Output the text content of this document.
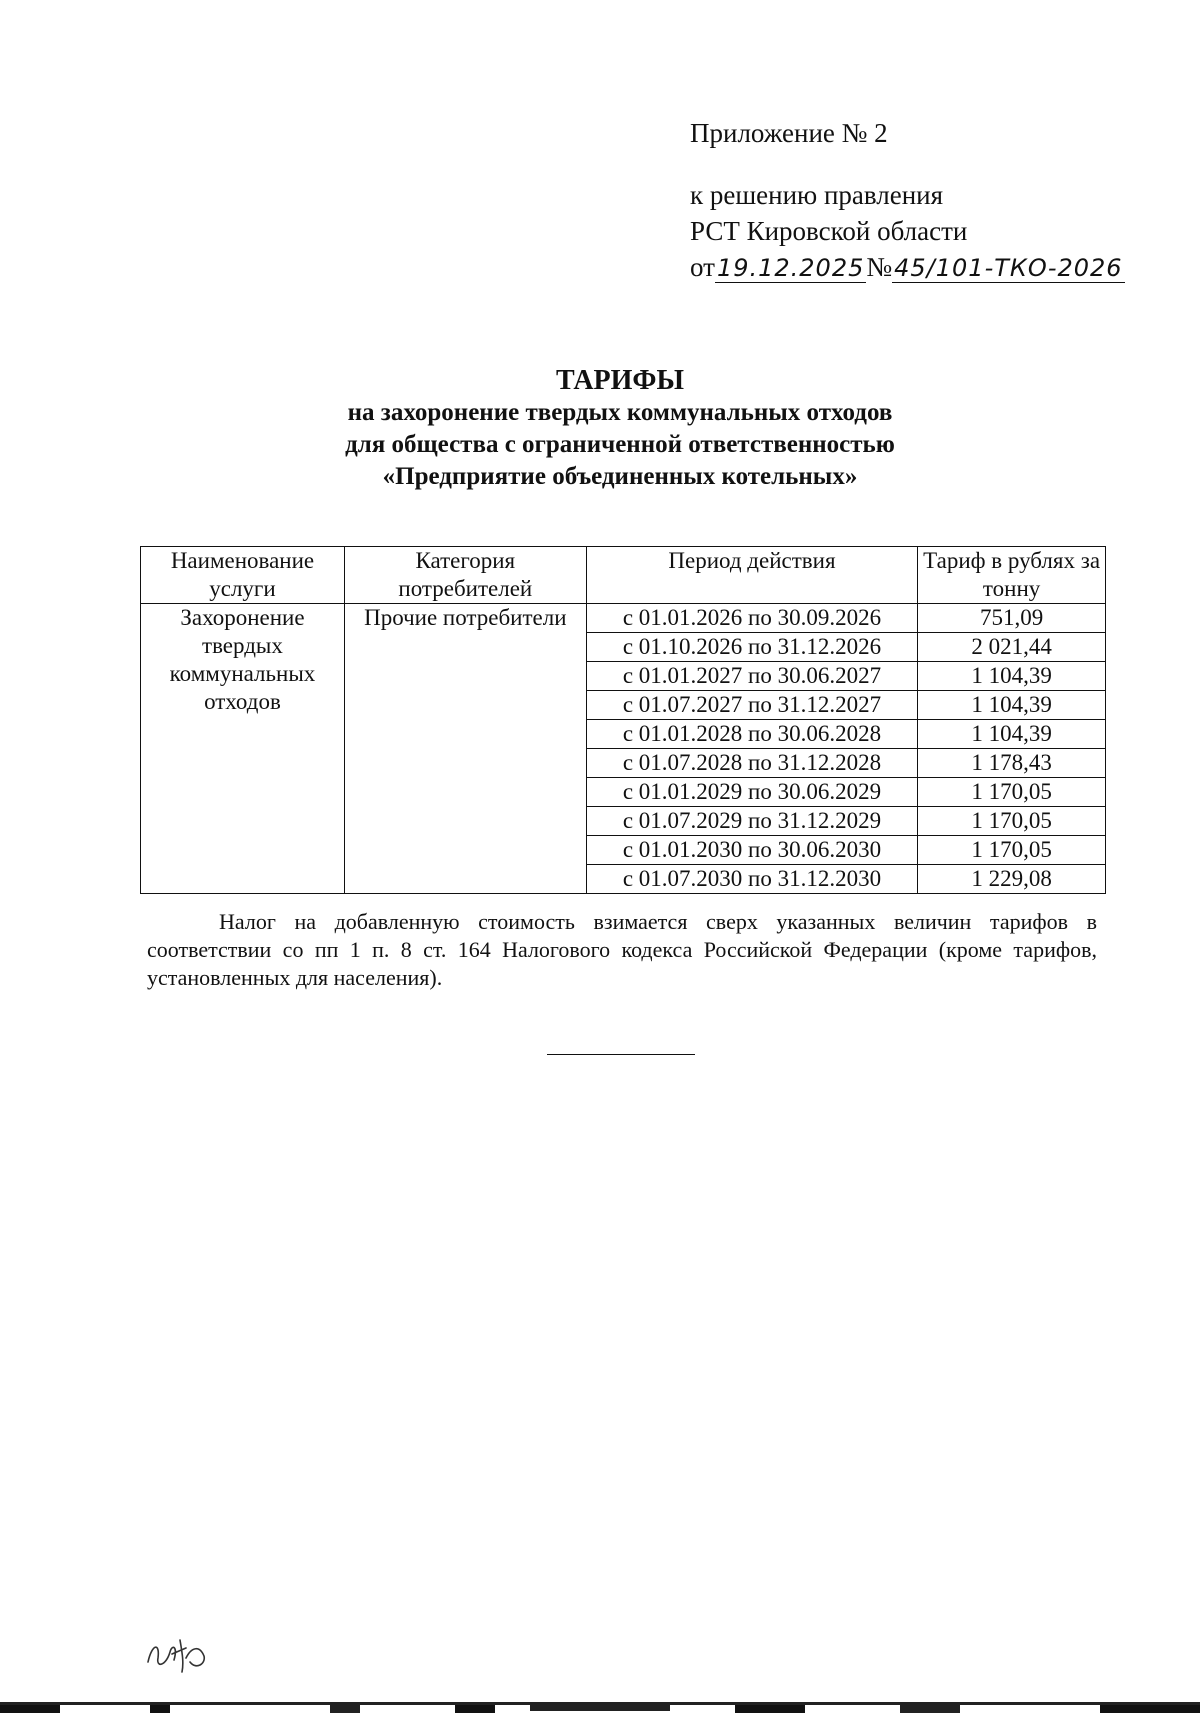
Приложение № 2
к решению правления
РСТ Кировской области
от19.12.2025№45/101-ТКО-2026
ТАРИФЫ
на захоронение твердых коммунальных отходов
для общества с ограниченной ответственностью
«Предприятие объединенных котельных»
Наименование услуги	Категория потребителей	Период действия	Тариф в рублях за тонну
Захоронение твердых коммунальных отходов	Прочие потребители	с 01.01.2026 по 30.09.2026	751,09
		с 01.10.2026 по 31.12.2026	2 021,44
		с 01.01.2027 по 30.06.2027	1 104,39
		с 01.07.2027 по 31.12.2027	1 104,39
		с 01.01.2028 по 30.06.2028	1 104,39
		с 01.07.2028 по 31.12.2028	1 178,43
		с 01.01.2029 по 30.06.2029	1 170,05
		с 01.07.2029 по 31.12.2029	1 170,05
		с 01.01.2030 по 30.06.2030	1 170,05
		с 01.07.2030 по 31.12.2030	1 229,08
Налог на добавленную стоимость взимается сверх указанных величин тарифов в соответствии со пп 1 п. 8 ст. 164 Налогового кодекса Российской Федерации (кроме тарифов, установленных для населения).
